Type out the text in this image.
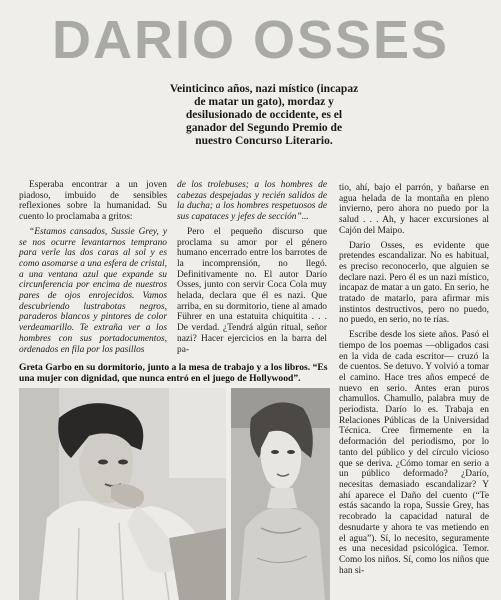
DARIO OSSES
Veinticinco años, nazi místico (incapaz de matar un gato), mordaz y desilusionado de occidente, es el ganador del Segundo Premio de nuestro Concurso Literario.

Esperaba encontrar a un joven piadoso, imbuido de sensibles reflexiones sobre la humanidad. Su cuento lo proclamaba a gritos:

“Estamos cansados, Sussie Grey, y se nos ocurre levantarnos temprano para verle las dos caras al sol y es como asomarse a una esfera de cristal, a una ventana azul que expande su circunferencia por encima de nuestros pares de ojos enrojecidos. Vamos descubriendo lustrabotas negros, paraderos blancos y pintores de color verdeamarillo. Te extraña ver a los hombres con sus portadocumentos, ordenados en fila por los pasillos

de los trolebuses; a los hombres de cabezas despejadas y recién salidos de la ducha; a los hombres respetuosos de sus capataces y jefes de sección”...

Pero el pequeño discurso que proclama su amor por el género humano encerrado entre los barrotes de la incomprensión, no llegó. Definitivamente no. El autor Darío Osses, junto con servir Coca Cola muy helada, declara que él es nazi. Que arriba, en su dormitorio, tiene al amado Führer en una estatuita chiquitita . . . De verdad. ¿Tendrá algún ritual, señor nazi? Hacer ejercicios en la barra del pa-

tio, ahí, bajo el parrón, y bañarse en agua helada de la montaña en pleno invierno, pero ahora no puedo por la salud . . . Ah, y hacer excursiones al Cajón del Maipo.

Darío Osses, es evidente que pretendes escandalizar. No es habitual, es preciso reconocerlo, que alguien se declare nazi. Pero él es un nazi místico, incapaz de matar a un gato. En serio, he tratado de matarlo, para afirmar mis instintos destructivos, pero no puedo, no puedo, en serio, no te rías.

Escribe desde los siete años. Pasó el tiempo de los poemas —obligados casi en la vida de cada escritor— cruzó la de cuentos. Se detuvo. Y volvió a tomar el camino. Hace tres años empecé de nuevo en serio. Antes eran puros chamullos. Chamullo, palabra muy de periodista. Darío lo es. Trabaja en Relaciones Públicas de la Universidad Técnica. Cree firmemente en la deformación del periodismo, por lo tanto del público y del círculo vicioso que se deriva. ¿Cómo tomar en serio a un público deformado? ¿Darío, necesitas demasiado escandalizar? Y ahí aparece el Daño del cuento (“Te estás sacando la ropa, Sussie Grey, has recobrado la capacidad natural de desnudarte y ahora te vas metiendo en el agua”). Sí, lo necesito, seguramente es una necesidad psicológica. Temor. Como los niños. Sí, como los niños que han si-

Greta Garbo en su dormitorio, junto a la mesa de trabajo y a los libros. “Es una mujer con dignidad, que nunca entró en el juego de Hollywood”.
